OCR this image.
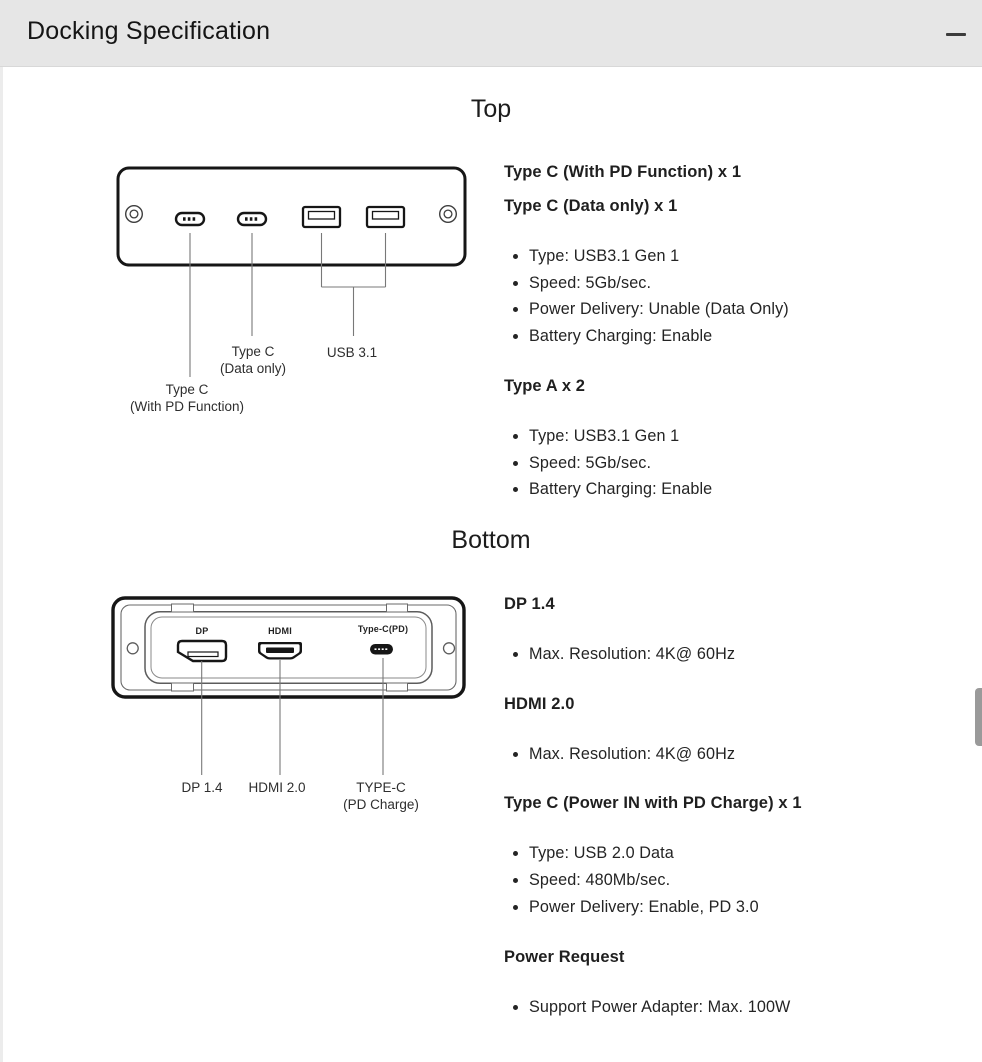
Docking Specification
Top
Type C
(Data only)
USB 3.1
Type C
(With PD Function)
Type C (With PD Function) x 1
Type C (Data only) x 1
• Type: USB3.1 Gen 1
• Speed: 5Gb/sec.
• Power Delivery: Unable (Data Only)
• Battery Charging: Enable
Type A x 2
• Type: USB3.1 Gen 1
• Speed: 5Gb/sec.
• Battery Charging: Enable
Bottom
DP	HDMI	Type-C(PD)
DP 1.4	HDMI 2.0	TYPE-C
(PD Charge)
DP 1.4
• Max. Resolution: 4K@ 60Hz
HDMI 2.0
• Max. Resolution: 4K@ 60Hz
Type C (Power IN with PD Charge) x 1
• Type: USB 2.0 Data
• Speed: 480Mb/sec.
• Power Delivery: Enable, PD 3.0
Power Request
• Support Power Adapter: Max. 100W
